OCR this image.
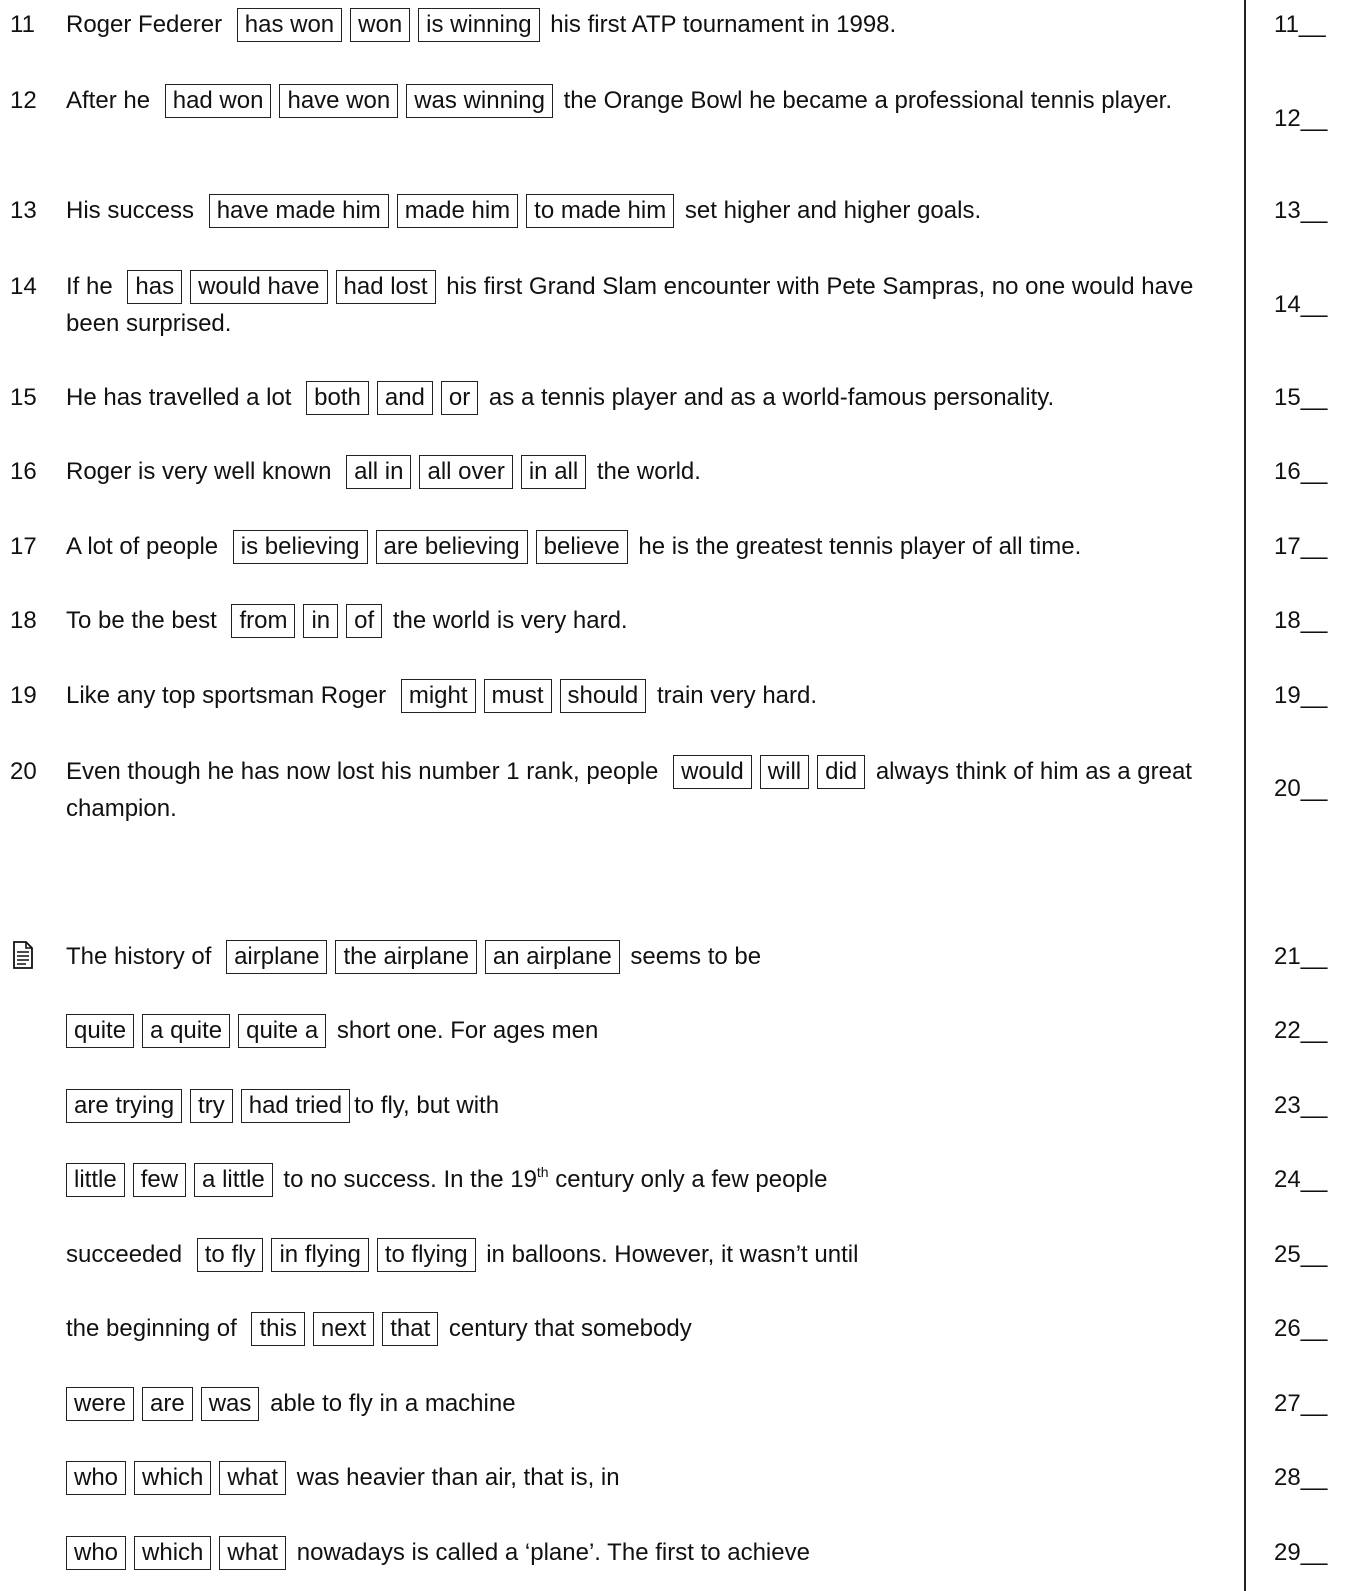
11 Roger Federer has won won is winning his first ATP tournament in 1998.	11__
12 After he had won have won was winning the Orange Bowl he became a professional tennis player.
12__
13 His success have made him made him to made him set higher and higher goals.	13__
14 If he has would have had lost his first Grand Slam encounter with Pete Sampras, no one would have been surprised.
14__
15 He has travelled a lot both and or as a tennis player and as a world-famous personality.	15__
16 Roger is very well known all in all over in all the world.	16__
17 A lot of people is believing are believing believe he is the greatest tennis player of all time.	17__
18 To be the best from in of the world is very hard.	18__
19 Like any top sportsman Roger might must should train very hard.	19__
20 Even though he has now lost his number 1 rank, people would will did always think of him as a great champion.
20__
The history of airplane the airplane an airplane seems to be	21__
quite a quite quite a short one. For ages men	22__
are trying try had tried to fly, but with	23__
little few a little to no success. In the 19th century only a few people	24__
succeeded to fly in flying to flying in balloons. However, it wasn’t until	25__
the beginning of this next that century that somebody	26__
were are was able to fly in a machine	27__
who which what was heavier than air, that is, in	28__
who which what nowadays is called a ‘plane’. The first to achieve	29__
